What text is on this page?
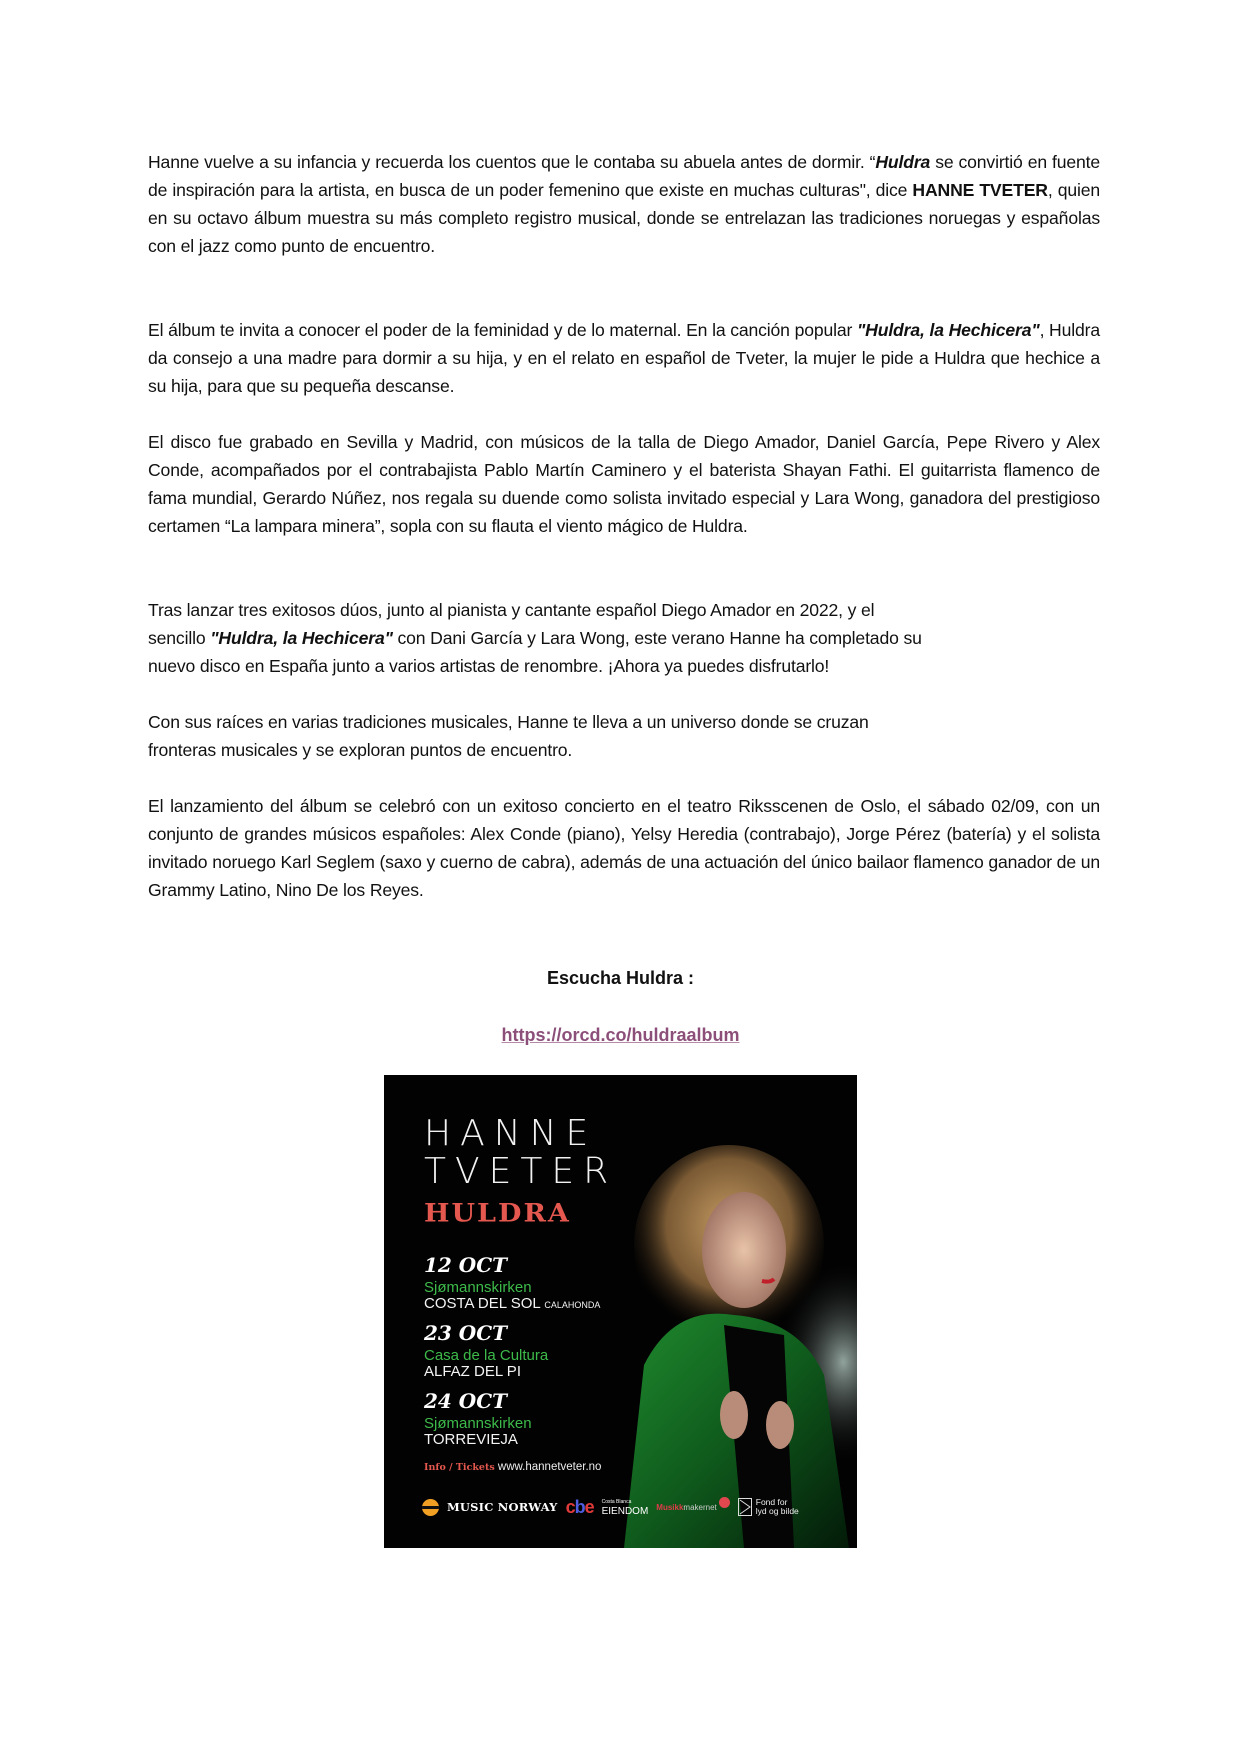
Hanne vuelve a su infancia y recuerda los cuentos que le contaba su abuela antes de dormir. “Huldra se convirtió en fuente de inspiración para la artista, en busca de un poder femenino que existe en muchas culturas", dice HANNE TVETER, quien en su octavo álbum muestra su más completo registro musical, donde se entrelazan las tradiciones noruegas y españolas con el jazz como punto de encuentro.

El álbum te invita a conocer el poder de la feminidad y de lo maternal. En la canción popular "Huldra, la Hechicera", Huldra da consejo a una madre para dormir a su hija, y en el relato en español de Tveter, la mujer le pide a Huldra que hechice a su hija, para que su pequeña descanse.

El disco fue grabado en Sevilla y Madrid, con músicos de la talla de Diego Amador, Daniel García, Pepe Rivero y Alex Conde, acompañados por el contrabajista Pablo Martín Caminero y el baterista Shayan Fathi. El guitarrista flamenco de fama mundial, Gerardo Núñez, nos regala su duende como solista invitado especial y Lara Wong, ganadora del prestigioso certamen “La lampara minera”, sopla con su flauta el viento mágico de Huldra.

Tras lanzar tres exitosos dúos, junto al pianista y cantante español Diego Amador en 2022, y el

sencillo "Huldra, la Hechicera" con Dani García y Lara Wong, este verano Hanne ha completado su

nuevo disco en España junto a varios artistas de renombre. ¡Ahora ya puedes disfrutarlo!

Con sus raíces en varias tradiciones musicales, Hanne te lleva a un universo donde se cruzan

fronteras musicales y se exploran puntos de encuentro.

El lanzamiento del álbum se celebró con un exitoso concierto en el teatro Riksscenen de Oslo, el sábado 02/09, con un conjunto de grandes músicos españoles: Alex Conde (piano), Yelsy Heredia (contrabajo), Jorge Pérez (batería) y el solista invitado noruego Karl Seglem (saxo y cuerno de cabra), además de una actuación del único bailaor flamenco ganador de un Grammy Latino, Nino De los Reyes.

Escucha Huldra :
https://orcd.co/huldraalbum
HANNE
TVETER
HULDRA
12 OCT
Sjømannskirken
COSTA DEL SOL CALAHONDA
23 OCT
Casa de la Cultura
ALFAZ DEL PI
24 OCT
Sjømannskirken
TORREVIEJA
Info / Tickets www.hannetveter.no
MUSIC NORWAY cbe Costa Blanca
EIENDOM Musikkmakernet	Fond for
lyd og bilde
